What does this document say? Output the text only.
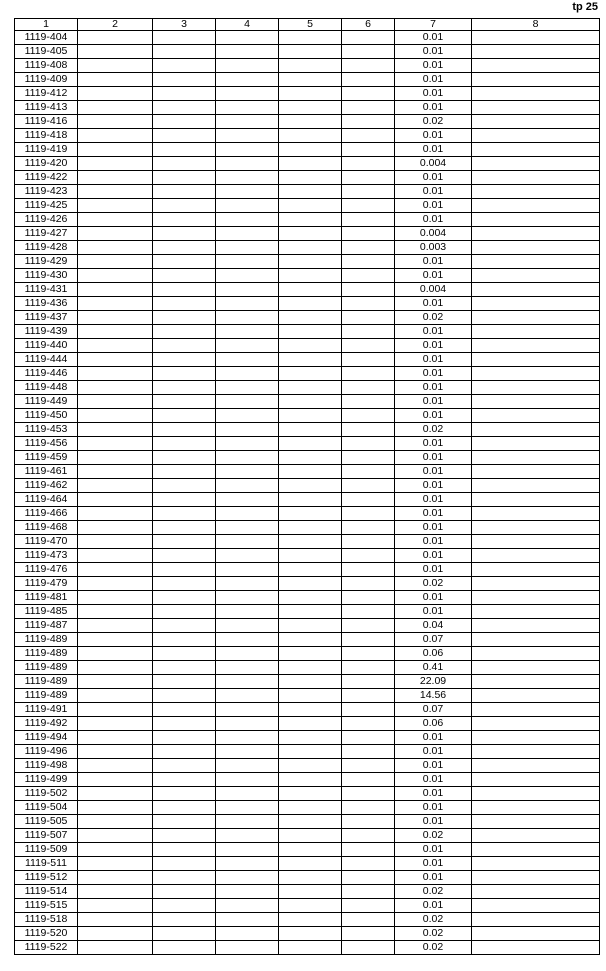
tp 25
1	2	3	4	5	6	7	8
1119-404						0.01	
1119-405						0.01	
1119-408						0.01	
1119-409						0.01	
1119-412						0.01	
1119-413						0.01	
1119-416						0.02	
1119-418						0.01	
1119-419						0.01	
1119-420						0.004	
1119-422						0.01	
1119-423						0.01	
1119-425						0.01	
1119-426						0.01	
1119-427						0.004	
1119-428						0.003	
1119-429						0.01	
1119-430						0.01	
1119-431						0.004	
1119-436						0.01	
1119-437						0.02	
1119-439						0.01	
1119-440						0.01	
1119-444						0.01	
1119-446						0.01	
1119-448						0.01	
1119-449						0.01	
1119-450						0.01	
1119-453						0.02	
1119-456						0.01	
1119-459						0.01	
1119-461						0.01	
1119-462						0.01	
1119-464						0.01	
1119-466						0.01	
1119-468						0.01	
1119-470						0.01	
1119-473						0.01	
1119-476						0.01	
1119-479						0.02	
1119-481						0.01	
1119-485						0.01	
1119-487						0.04	
1119-489						0.07	
1119-489						0.06	
1119-489						0.41	
1119-489						22.09	
1119-489						14.56	
1119-491						0.07	
1119-492						0.06	
1119-494						0.01	
1119-496						0.01	
1119-498						0.01	
1119-499						0.01	
1119-502						0.01	
1119-504						0.01	
1119-505						0.01	
1119-507						0.02	
1119-509						0.01	
1119-511						0.01	
1119-512						0.01	
1119-514						0.02	
1119-515						0.01	
1119-518						0.02	
1119-520						0.02	
1119-522						0.02	
